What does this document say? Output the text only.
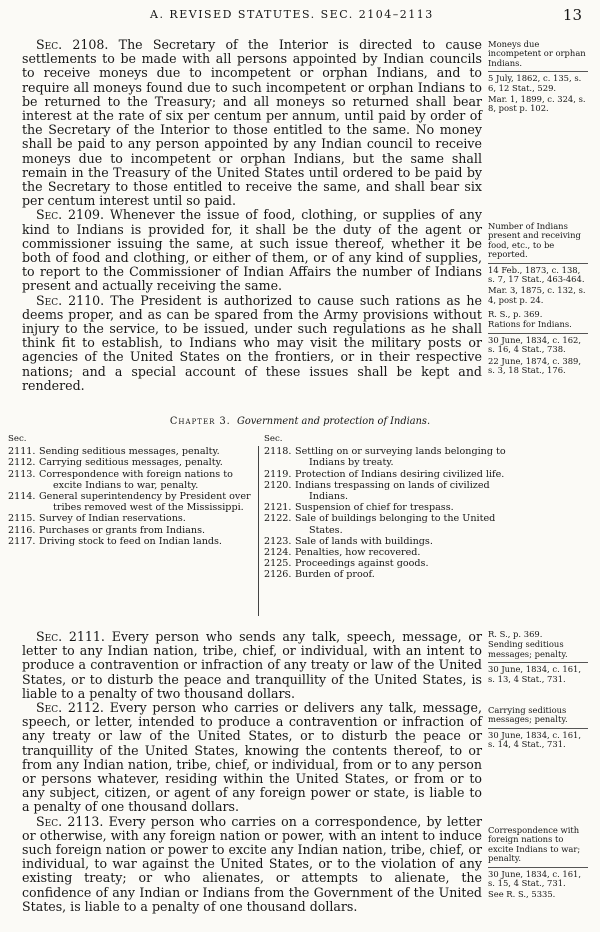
A. REVISED STATUTES. SEC. 2104–2113	13

Sec. 2108. The Secretary of the Interior is directed to cause settlements to be made with all persons appointed by Indian councils to receive moneys due to incompetent or orphan Indians, and to require all moneys found due to such incompetent or orphan Indians to be returned to the Treasury; and all moneys so returned shall bear interest at the rate of six per centum per annum, until paid by order of the Secretary of the Interior to those entitled to the same. No money shall be paid to any person appointed by any Indian council to receive moneys due to incompetent or orphan Indians, but the same shall remain in the Treasury of the United States until ordered to be paid by the Secretary to those entitled to receive the same, and shall bear six per centum interest until so paid.

Sec. 2109. Whenever the issue of food, clothing, or supplies of any kind to Indians is provided for, it shall be the duty of the agent or commissioner issuing the same, at such issue thereof, whether it be both of food and clothing, or either of them, or of any kind of supplies, to report to the Commissioner of Indian Affairs the number of Indians present and actually receiving the same.

Sec. 2110. The President is authorized to cause such rations as he deems proper, and as can be spared from the Army provisions without injury to the service, to be issued, under such regulations as he shall think fit to establish, to Indians who may visit the military posts or agencies of the United States on the frontiers, or in their respective nations; and a special account of these issues shall be kept and rendered.

Moneys due incompetent or orphan Indians.
5 July, 1862, c. 135, s. 6, 12 Stat., 529.
Mar. 1, 1899, c. 324, s. 8, post p. 102.
Number of Indians present and receiving food, etc., to be reported.
14 Feb., 1873, c. 138, s. 7, 17 Stat., 463-464.
Mar. 3, 1875, c. 132, s. 4, post p. 24.
R. S., p. 369.
Rations for Indians.
30 June, 1834, c. 162, s. 16, 4 Stat., 738.
22 June, 1874, c. 389, s. 3, 18 Stat., 176.
Chapter 3. Government and protection of Indians.
Sec.
2111. Sending seditious messages, penalty.
2112. Carrying seditious messages, penalty.
2113. Correspondence with foreign nations to excite Indians to war, penalty.
2114. General superintendency by President over tribes removed west of the Mississippi.
2115. Survey of Indian reservations.
2116. Purchases or grants from Indians.
2117. Driving stock to feed on Indian lands.
Sec.
2118. Settling on or surveying lands belonging to Indians by treaty.
2119. Protection of Indians desiring civilized life.
2120. Indians trespassing on lands of civilized Indians.
2121. Suspension of chief for trespass.
2122. Sale of buildings belonging to the United States.
2123. Sale of lands with buildings.
2124. Penalties, how recovered.
2125. Proceedings against goods.
2126. Burden of proof.

Sec. 2111. Every person who sends any talk, speech, message, or letter to any Indian nation, tribe, chief, or individual, with an intent to produce a contravention or infraction of any treaty or law of the United States, or to disturb the peace and tranquillity of the United States, is liable to a penalty of two thousand dollars.

Sec. 2112. Every person who carries or delivers any talk, message, speech, or letter, intended to produce a contravention or infraction of any treaty or law of the United States, or to disturb the peace or tranquillity of the United States, knowing the contents thereof, to or from any Indian nation, tribe, chief, or individual, from or to any person or persons whatever, residing within the United States, or from or to any subject, citizen, or agent of any foreign power or state, is liable to a penalty of one thousand dollars.

Sec. 2113. Every person who carries on a correspondence, by letter or otherwise, with any foreign nation or power, with an intent to induce such foreign nation or power to excite any Indian nation, tribe, chief, or individual, to war against the United States, or to the violation of any existing treaty; or who alienates, or attempts to alienate, the confidence of any Indian or Indians from the Government of the United States, is liable to a penalty of one thousand dollars.

R. S., p. 369.
Sending seditious messages; penalty.
30 June, 1834, c. 161, s. 13, 4 Stat., 731.
Carrying seditious messages; penalty.
30 June, 1834, c. 161, s. 14, 4 Stat., 731.
Correspondence with foreign nations to excite Indians to war; penalty.
30 June, 1834, c. 161, s. 15, 4 Stat., 731.
See R. S., 5335.
